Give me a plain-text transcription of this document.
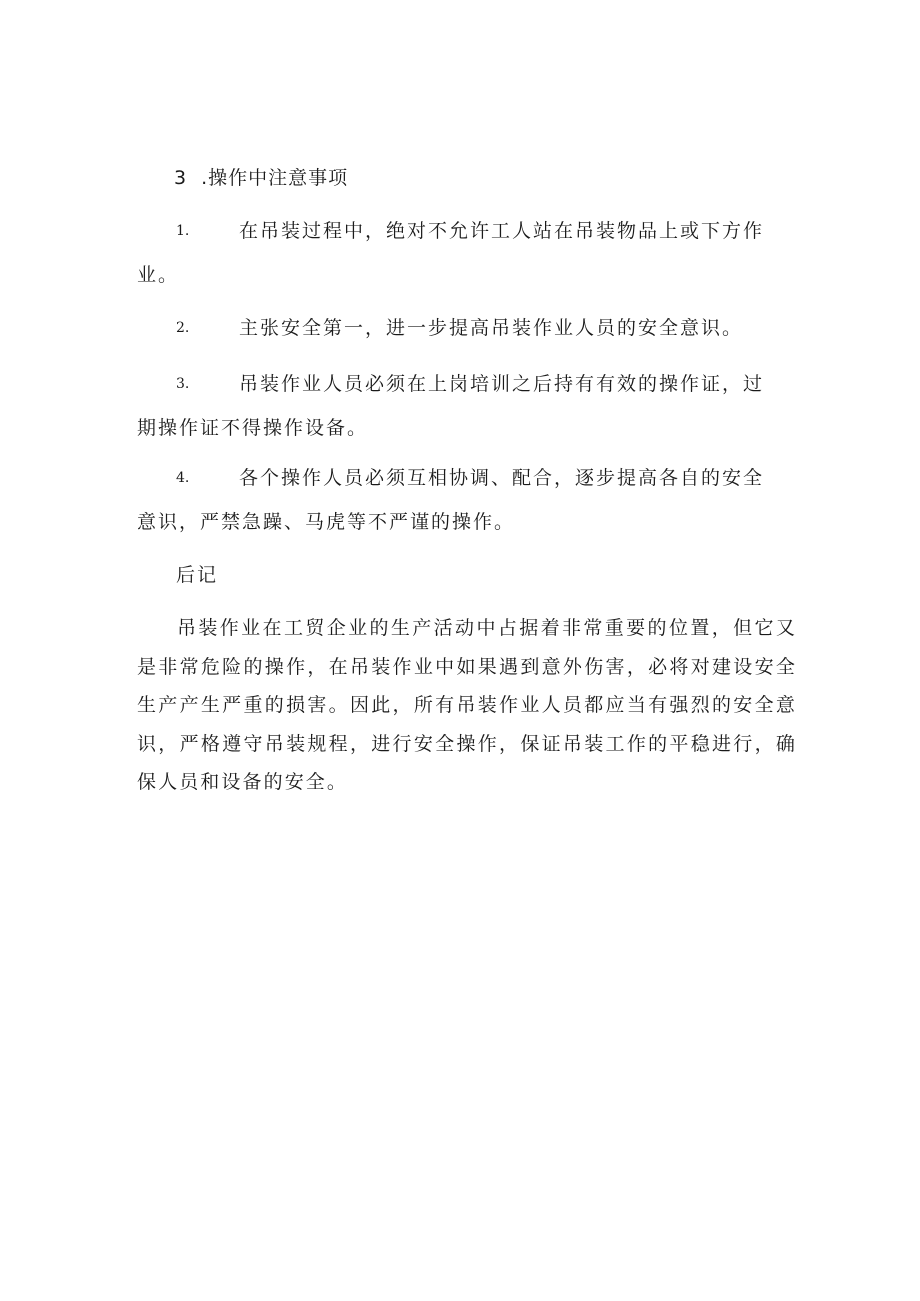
3 .操作中注意事项
1.	在吊装过程中，绝对不允许工人站在吊装物品上或下方作
业。
2.	主张安全第一，进一步提高吊装作业人员的安全意识。
3.	吊装作业人员必须在上岗培训之后持有有效的操作证，过
期操作证不得操作设备。
4.	各个操作人员必须互相协调、配合，逐步提高各自的安全
意识，严禁急躁、马虎等不严谨的操作。
后记

吊装作业在工贸企业的生产活动中占据着非常重要的位置，但它又是非常危险的操作，在吊装作业中如果遇到意外伤害，必将对建设安全生产产生严重的损害。因此，所有吊装作业人员都应当有强烈的安全意识，严格遵守吊装规程，进行安全操作，保证吊装工作的平稳进行，确保人员和设备的安全。
